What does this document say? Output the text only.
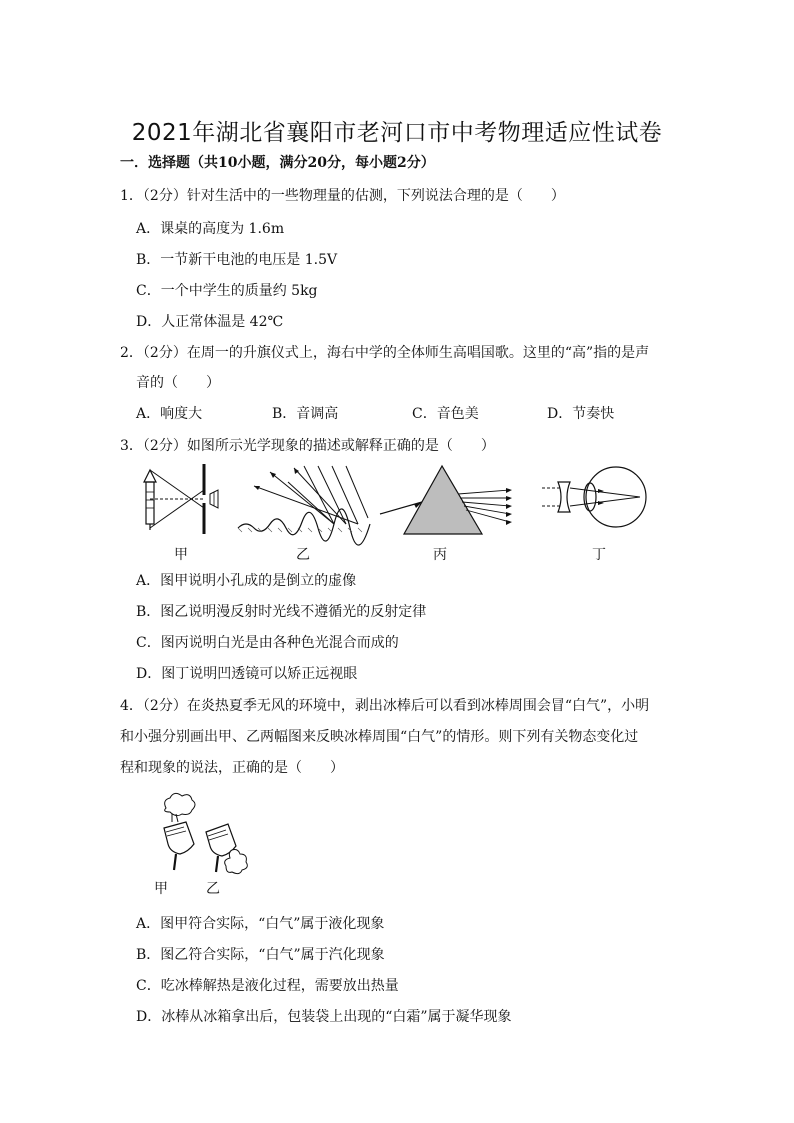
2021年湖北省襄阳市老河口市中考物理适应性试卷
一．选择题（共10小题，满分20分，每小题2分）
1．（2分）针对生活中的一些物理量的估测，下列说法合理的是（　　）
A．课桌的高度为 1.6m
B．一节新干电池的电压是 1.5V
C．一个中学生的质量约 5kg
D．人正常体温是 42℃
2．（2分）在周一的升旗仪式上，海右中学的全体师生高唱国歌。这里的“高”指的是声
音的（　　）
A．响度大	B．音调高	C．音色美	D．节奏快
3．（2分）如图所示光学现象的描述或解释正确的是（　　）
甲	乙	丙	丁
A．图甲说明小孔成的是倒立的虚像
B．图乙说明漫反射时光线不遵循光的反射定律
C．图丙说明白光是由各种色光混合而成的
D．图丁说明凹透镜可以矫正远视眼
4．（2分）在炎热夏季无风的环境中，剥出冰棒后可以看到冰棒周围会冒“白气”，小明
和小强分别画出甲、乙两幅图来反映冰棒周围“白气”的情形。则下列有关物态变化过
程和现象的说法，正确的是（　　）
甲	乙
A．图甲符合实际，“白气”属于液化现象
B．图乙符合实际，“白气”属于汽化现象
C．吃冰棒解热是液化过程，需要放出热量
D．冰棒从冰箱拿出后，包装袋上出现的“白霜”属于凝华现象
